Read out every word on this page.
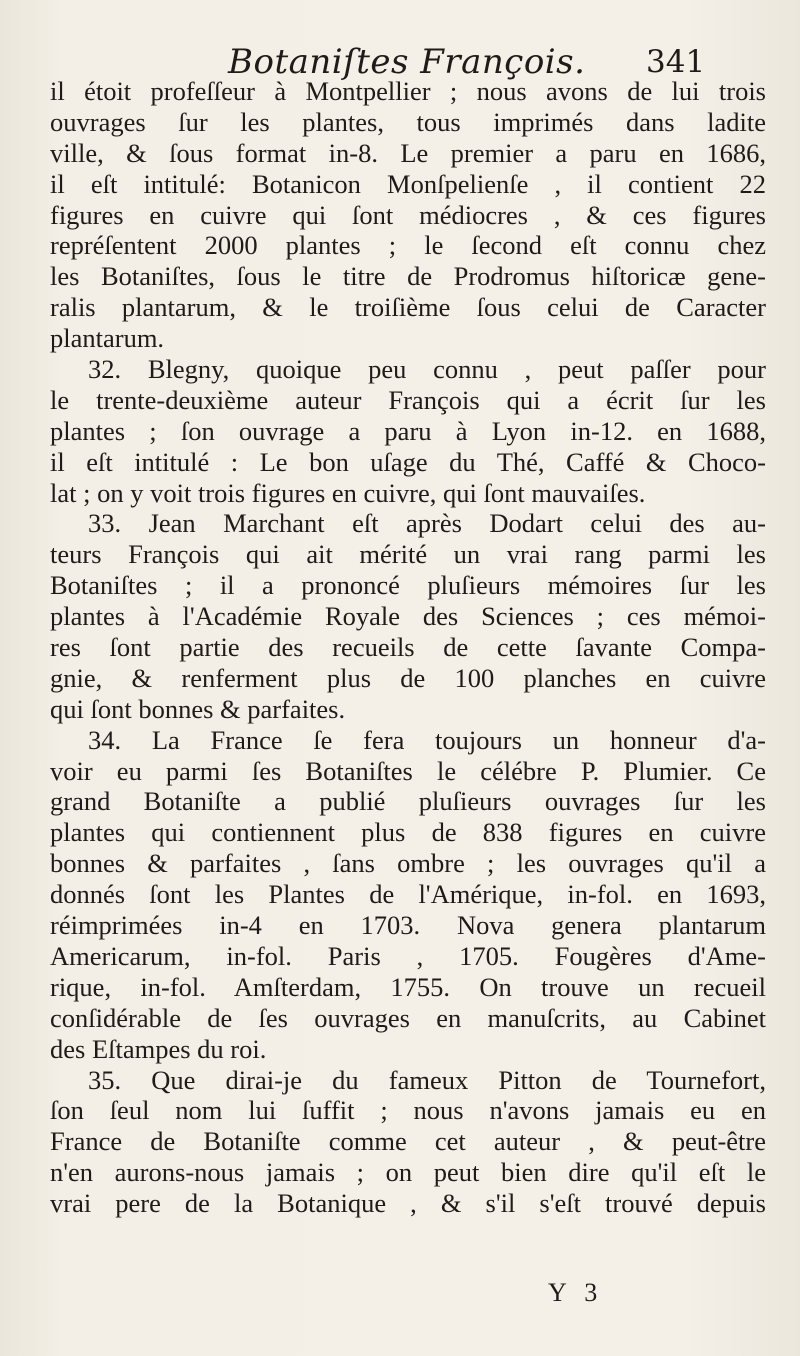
Botaniſtes François. 341
il étoit profeſſeur à Montpellier ; nous avons de lui trois
ouvrages ſur les plantes, tous imprimés dans ladite
ville, & ſous format in-8. Le premier a paru en 1686,
il eſt intitulé: Botanicon Monſpelienſe , il contient 22
figures en cuivre qui ſont médiocres , & ces figures
repréſentent 2000 plantes ; le ſecond eſt connu chez
les Botaniſtes, ſous le titre de Prodromus hiſtoricæ gene-
ralis plantarum, & le troiſième ſous celui de Caracter
plantarum.
32. Blegny, quoique peu connu , peut paſſer pour
le trente-deuxième auteur François qui a écrit ſur les
plantes ; ſon ouvrage a paru à Lyon in-12. en 1688,
il eſt intitulé : Le bon uſage du Thé, Caffé & Choco-
lat ; on y voit trois figures en cuivre, qui ſont mauvaiſes.
33. Jean Marchant eſt après Dodart celui des au-
teurs François qui ait mérité un vrai rang parmi les
Botaniſtes ; il a prononcé pluſieurs mémoires ſur les
plantes à l'Académie Royale des Sciences ; ces mémoi-
res ſont partie des recueils de cette ſavante Compa-
gnie, & renferment plus de 100 planches en cuivre
qui ſont bonnes & parfaites.
34. La France ſe fera toujours un honneur d'a-
voir eu parmi ſes Botaniſtes le célébre P. Plumier. Ce
grand Botaniſte a publié pluſieurs ouvrages ſur les
plantes qui contiennent plus de 838 figures en cuivre
bonnes & parfaites , ſans ombre ; les ouvrages qu'il a
donnés ſont les Plantes de l'Amérique, in-fol. en 1693,
réimprimées in-4 en 1703. Nova genera plantarum
Americarum, in-fol. Paris , 1705. Fougères d'Ame-
rique, in-fol. Amſterdam, 1755. On trouve un recueil
conſidérable de ſes ouvrages en manuſcrits, au Cabinet
des Eſtampes du roi.
35. Que dirai-je du fameux Pitton de Tournefort,
ſon ſeul nom lui ſuffit ; nous n'avons jamais eu en
France de Botaniſte comme cet auteur , & peut-être
n'en aurons-nous jamais ; on peut bien dire qu'il eſt le
vrai pere de la Botanique , & s'il s'eſt trouvé depuis
Y 3
